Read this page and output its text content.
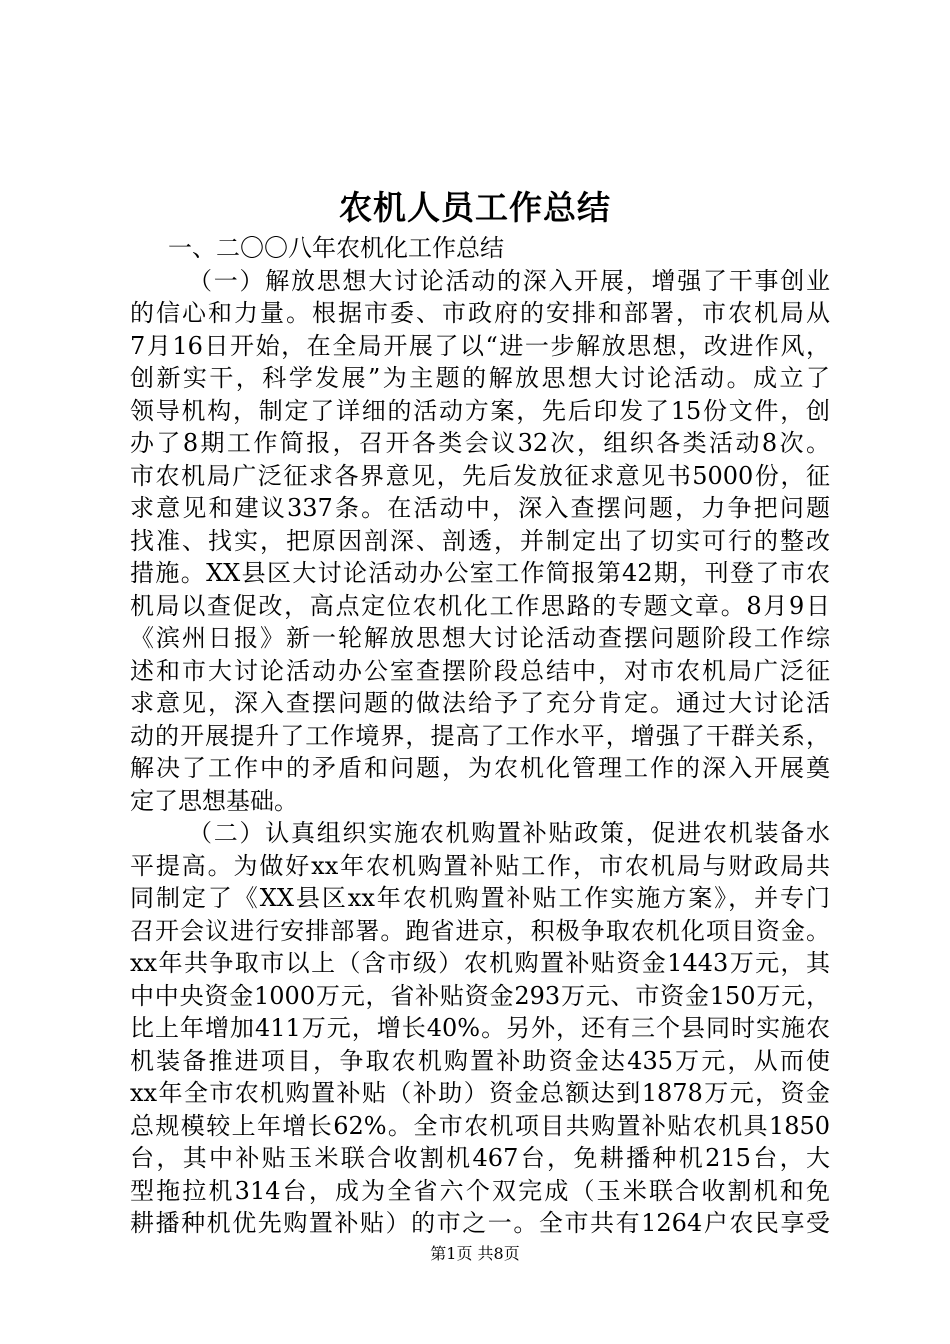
农机人员工作总结
一、二〇〇八年农机化工作总结
（一）解放思想大讨论活动的深入开展，增强了干事创业
的信心和力量。根据市委、市政府的安排和部署，市农机局从
7月16日开始，在全局开展了以“进一步解放思想，改进作风，
创新实干，科学发展”为主题的解放思想大讨论活动。成立了
领导机构，制定了详细的活动方案，先后印发了15份文件，创
办了8期工作简报，召开各类会议32次，组织各类活动8次。
市农机局广泛征求各界意见，先后发放征求意见书5000份，征
求意见和建议337条。在活动中，深入查摆问题，力争把问题
找准、找实，把原因剖深、剖透，并制定出了切实可行的整改
措施。XX县区大讨论活动办公室工作简报第42期，刊登了市农
机局以查促改，高点定位农机化工作思路的专题文章。8月9日
《滨州日报》新一轮解放思想大讨论活动查摆问题阶段工作综
述和市大讨论活动办公室查摆阶段总结中，对市农机局广泛征
求意见，深入查摆问题的做法给予了充分肯定。通过大讨论活
动的开展提升了工作境界，提高了工作水平，增强了干群关系，
解决了工作中的矛盾和问题，为农机化管理工作的深入开展奠
定了思想基础。
（二）认真组织实施农机购置补贴政策，促进农机装备水
平提高。为做好xx年农机购置补贴工作，市农机局与财政局共
同制定了《XX县区xx年农机购置补贴工作实施方案》，并专门
召开会议进行安排部署。跑省进京，积极争取农机化项目资金。
xx年共争取市以上（含市级）农机购置补贴资金1443万元，其
中中央资金1000万元，省补贴资金293万元、市资金150万元，
比上年增加411万元，增长40%。另外，还有三个县同时实施农
机装备推进项目，争取农机购置补助资金达435万元，从而使
xx年全市农机购置补贴（补助）资金总额达到1878万元，资金
总规模较上年增长62%。全市农机项目共购置补贴农机具1850
台，其中补贴玉米联合收割机467台，免耕播种机215台，大
型拖拉机314台，成为全省六个双完成（玉米联合收割机和免
耕播种机优先购置补贴）的市之一。全市共有1264户农民享受
第1页 共8页
